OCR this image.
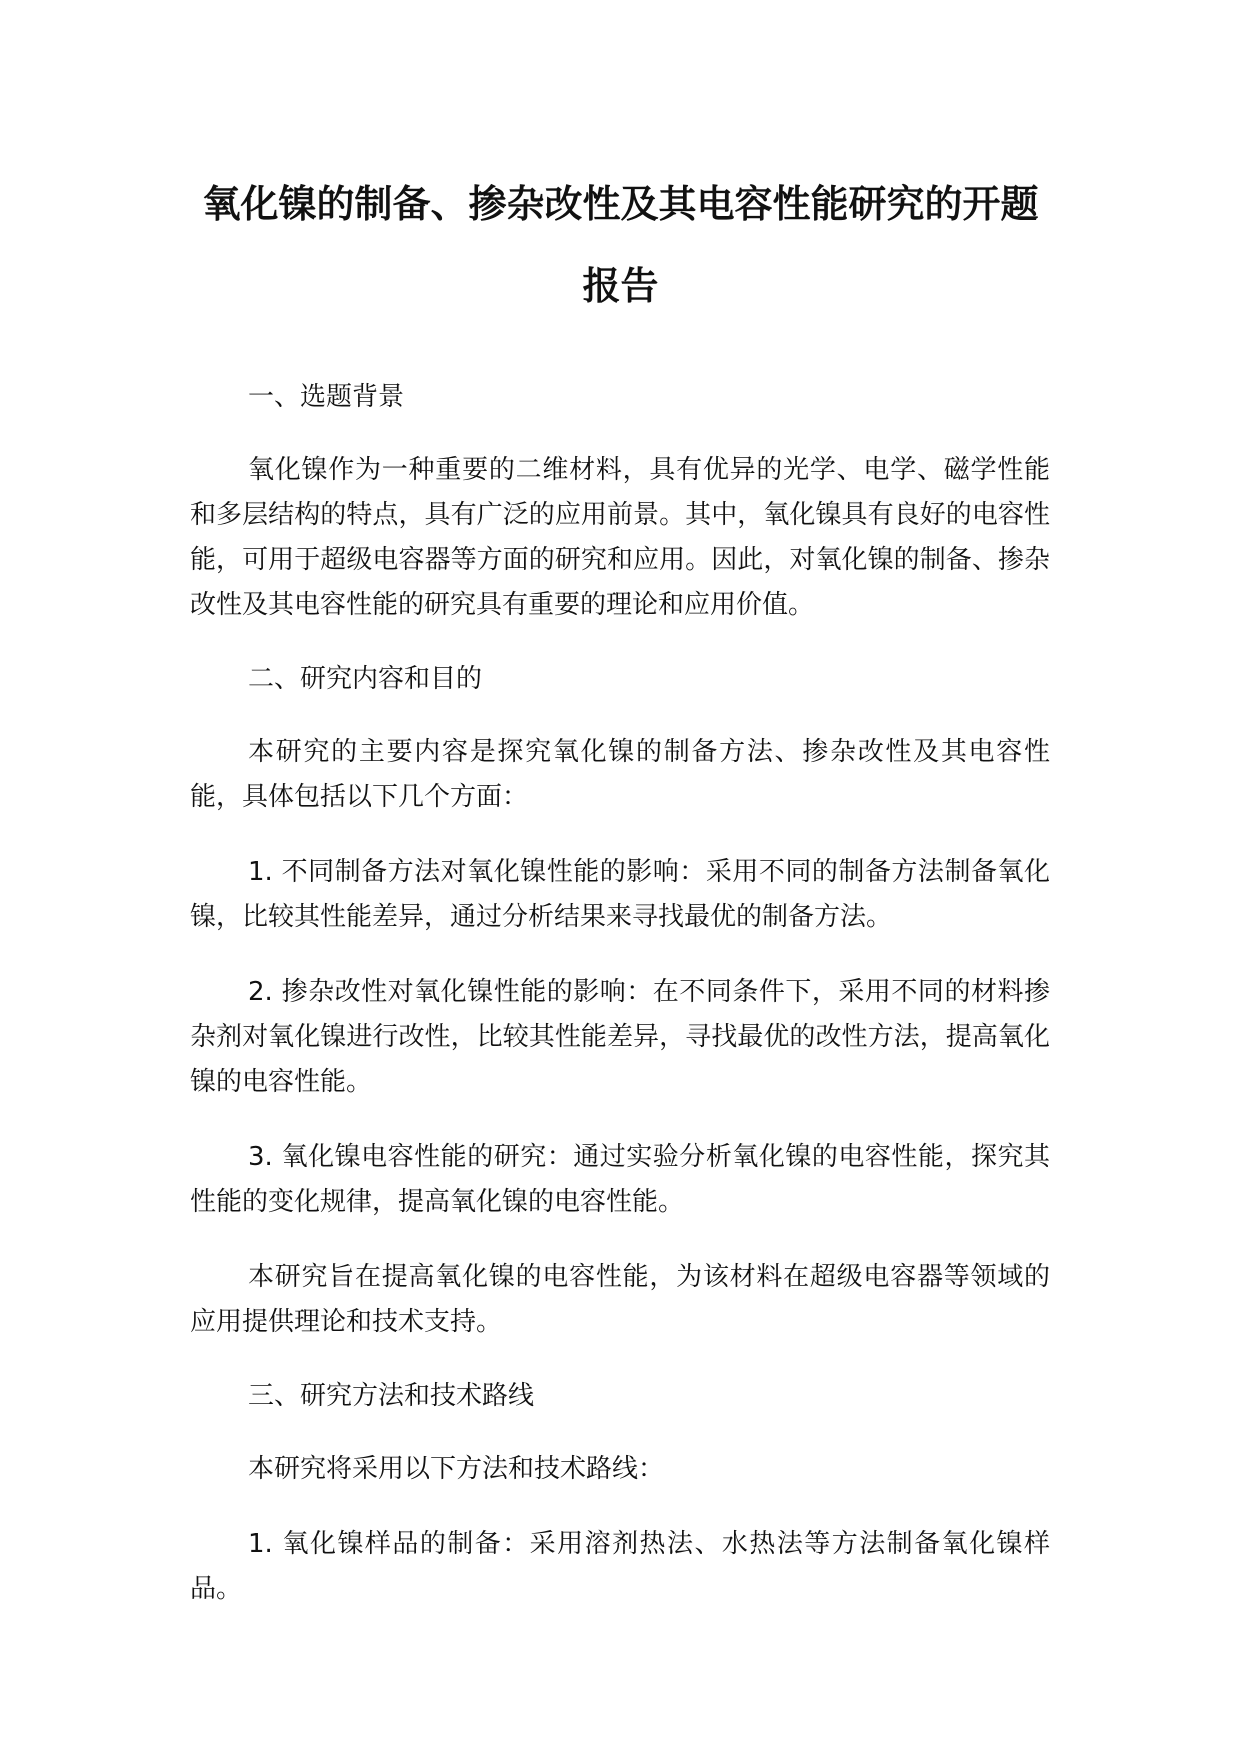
氧化镍的制备、掺杂改性及其电容性能研究的开题
报告

一、选题背景

氧化镍作为一种重要的二维材料，具有优异的光学、电学、磁学性能和多层结构的特点，具有广泛的应用前景。其中，氧化镍具有良好的电容性能，可用于超级电容器等方面的研究和应用。因此，对氧化镍的制备、掺杂改性及其电容性能的研究具有重要的理论和应用价值。

二、研究内容和目的

本研究的主要内容是探究氧化镍的制备方法、掺杂改性及其电容性能，具体包括以下几个方面：

1. 不同制备方法对氧化镍性能的影响：采用不同的制备方法制备氧化镍，比较其性能差异，通过分析结果来寻找最优的制备方法。

2. 掺杂改性对氧化镍性能的影响：在不同条件下，采用不同的材料掺杂剂对氧化镍进行改性，比较其性能差异，寻找最优的改性方法，提高氧化镍的电容性能。

3. 氧化镍电容性能的研究：通过实验分析氧化镍的电容性能，探究其性能的变化规律，提高氧化镍的电容性能。

本研究旨在提高氧化镍的电容性能，为该材料在超级电容器等领域的应用提供理论和技术支持。

三、研究方法和技术路线

本研究将采用以下方法和技术路线：

1. 氧化镍样品的制备：采用溶剂热法、水热法等方法制备氧化镍样品。
